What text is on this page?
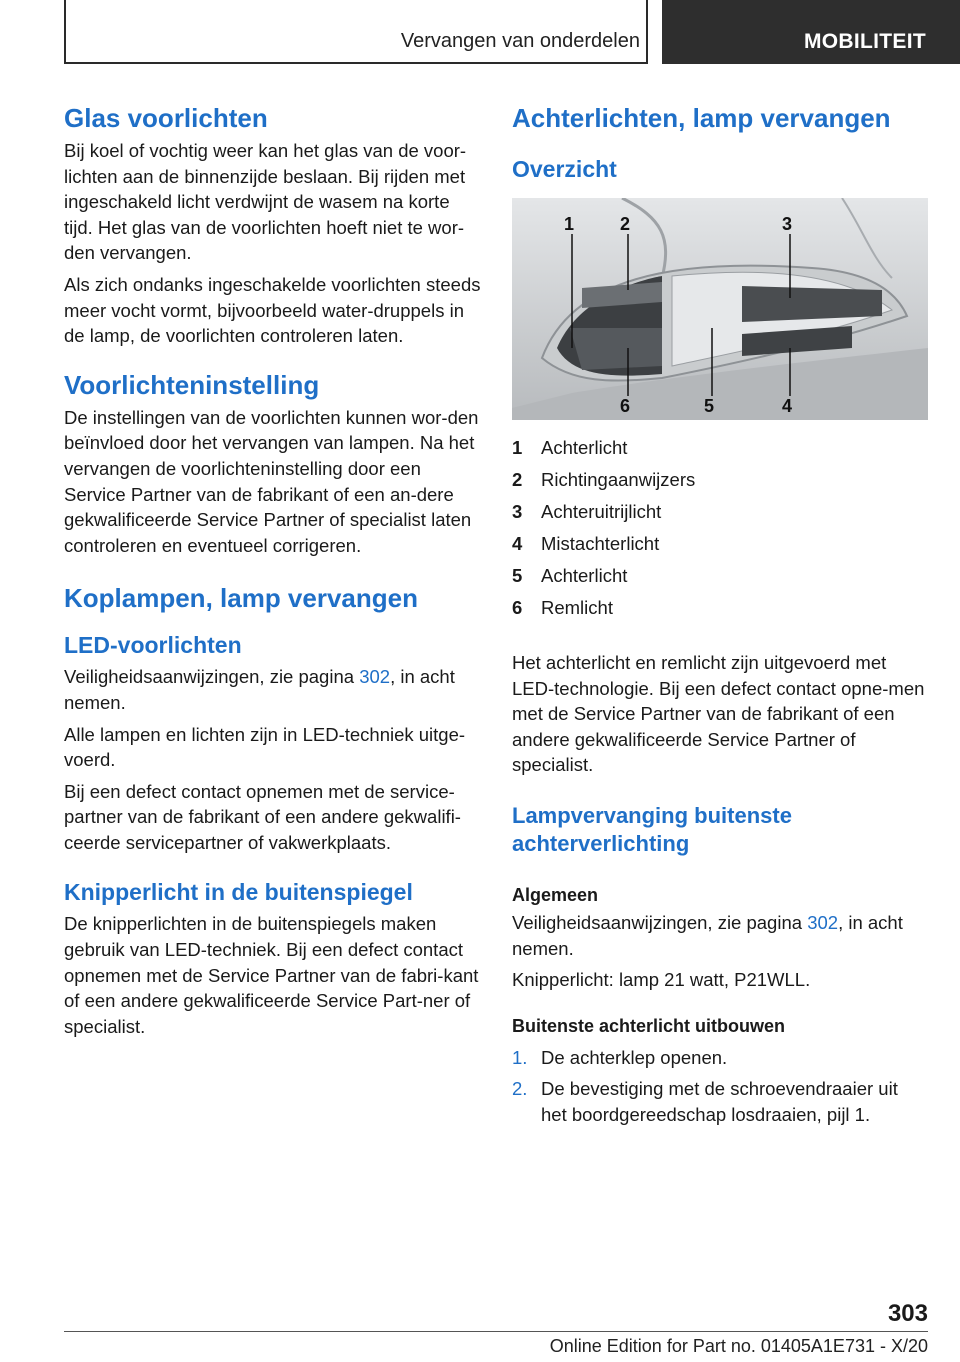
Vervangen van onderdelen	MOBILITEIT
Glas voorlichten

Bij koel of vochtig weer kan het glas van de voor-lichten aan de binnenzijde beslaan. Bij rijden met ingeschakeld licht verdwijnt de wasem na korte tijd. Het glas van de voorlichten hoeft niet te wor-den vervangen.

Als zich ondanks ingeschakelde voorlichten steeds meer vocht vormt, bijvoorbeeld water-druppels in de lamp, de voorlichten controleren laten.

Voorlichteninstelling

De instellingen van de voorlichten kunnen wor-den beïnvloed door het vervangen van lampen. Na het vervangen de voorlichteninstelling door een Service Partner van de fabrikant of een an-dere gekwalificeerde Service Partner of specialist laten controleren en eventueel corrigeren.

Koplampen, lamp vervangen
LED-voorlichten

Veiligheidsaanwijzingen, zie pagina 302, in acht nemen.

Alle lampen en lichten zijn in LED-techniek uitge-voerd.

Bij een defect contact opnemen met de service-partner van de fabrikant of een andere gekwalifi-ceerde servicepartner of vakwerkplaats.

Knipperlicht in de buitenspiegel

De knipperlichten in de buitenspiegels maken gebruik van LED-techniek. Bij een defect contact opnemen met de Service Partner van de fabri-kant of een andere gekwalificeerde Service Part-ner of specialist.

Achterlichten, lamp vervangen
Overzicht
1	2	3
4
5
6
1	Achterlicht
2	Richtingaanwijzers
3	Achteruitrijlicht
4	Mistachterlicht
5	Achterlicht
6	Remlicht

Het achterlicht en remlicht zijn uitgevoerd met LED-technologie. Bij een defect contact opne-men met de Service Partner van de fabrikant of een andere gekwalificeerde Service Partner of specialist.

Lampvervanging buitenste achterverlichting
Algemeen

Veiligheidsaanwijzingen, zie pagina 302, in acht nemen.

Knipperlicht: lamp 21 watt, P21WLL.

Buitenste achterlicht uitbouwen
1. De achterklep openen.
2. De bevestiging met de schroevendraaier uit het boordgereedschap losdraaien, pijl 1.
303
Online Edition for Part no. 01405A1E731 - X/20
